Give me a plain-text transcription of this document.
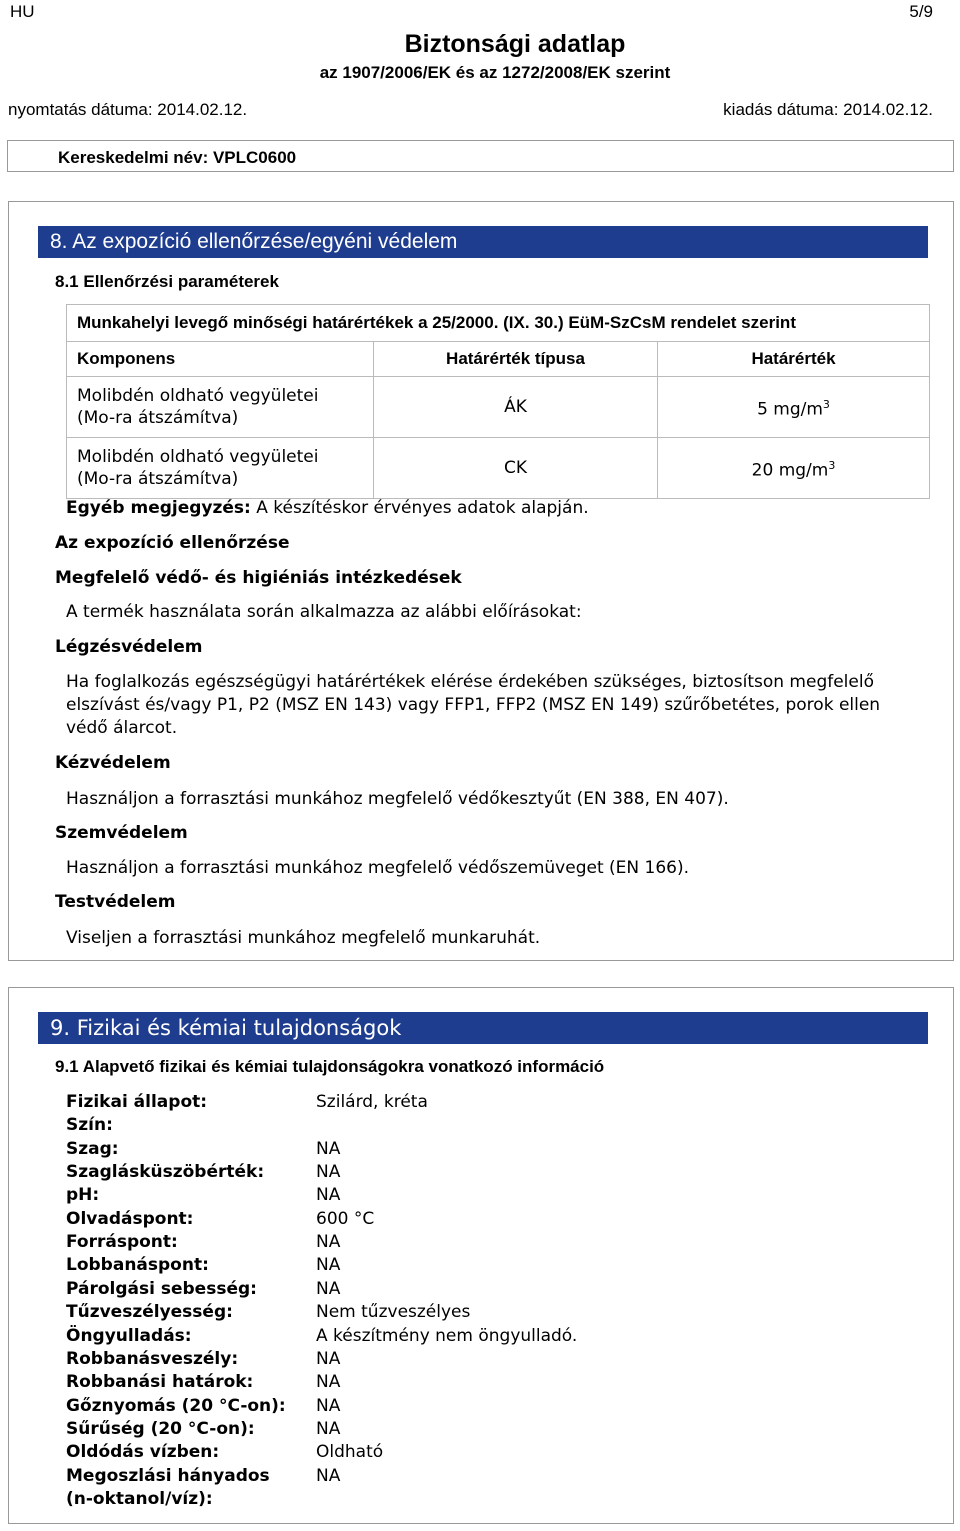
HU	5/9
Biztonsági adatlap
az 1907/2006/EK és az 1272/2008/EK szerint
nyomtatás dátuma: 2014.02.12.	kiadás dátuma: 2014.02.12.
Kereskedelmi név: VPLC0600
8. Az expozíció ellenőrzése/egyéni védelem
8.1 Ellenőrzési paraméterek
Munkahelyi levegő minőségi határértékek a 25/2000. (IX. 30.) EüM-SzCsM rendelet szerint		
Komponens	Határérték típusa	Határérték

Molibdén oldható vegyületei
(Mo-ra átszámítva)	ÁK	5 $mg/m^3$

Molibdén oldható vegyületei
(Mo-ra átszámítva)	CK	20 $mg/m^3$
Egyéb megjegyzés: A készítéskor érvényes adatok alapján.
Az expozíció ellenőrzése
Megfelelő védő- és higiéniás intézkedések
A termék használata során alkalmazza az alábbi előírásokat:
Légzésvédelem
Ha foglalkozás egészségügyi határértékek elérése érdekében szükséges, biztosítson megfelelő
elszívást és/vagy P1, P2 (MSZ EN 143) vagy FFP1, FFP2 (MSZ EN 149) szűrőbetétes, porok ellen
védő álarcot.
Kézvédelem
Használjon a forrasztási munkához megfelelő védőkesztyűt (EN 388, EN 407).
Szemvédelem
Használjon a forrasztási munkához megfelelő védőszemüveget (EN 166).
Testvédelem
Viseljen a forrasztási munkához megfelelő munkaruhát.
9. Fizikai és kémiai tulajdonságok
9.1 Alapvető fizikai és kémiai tulajdonságokra vonatkozó információ
Fizikai állapot:	Szilárd, kréta
Szín:
Szag:	NA
Szaglásküszöbérték:	NA
pH:	NA
Olvadáspont:	600 °C
Forráspont:	NA
Lobbanáspont:	NA
Párolgási sebesség:	NA
Tűzveszélyesség:	Nem tűzveszélyes
Öngyulladás:	A készítmény nem öngyulladó.
Robbanásveszély:	NA
Robbanási határok:	NA
Gőznyomás (20 °C-on): NA
Sűrűség (20 °C-on):	NA
Oldódás vízben:	Oldható
Megoszlási hányados	NA
(n-oktanol/víz):
